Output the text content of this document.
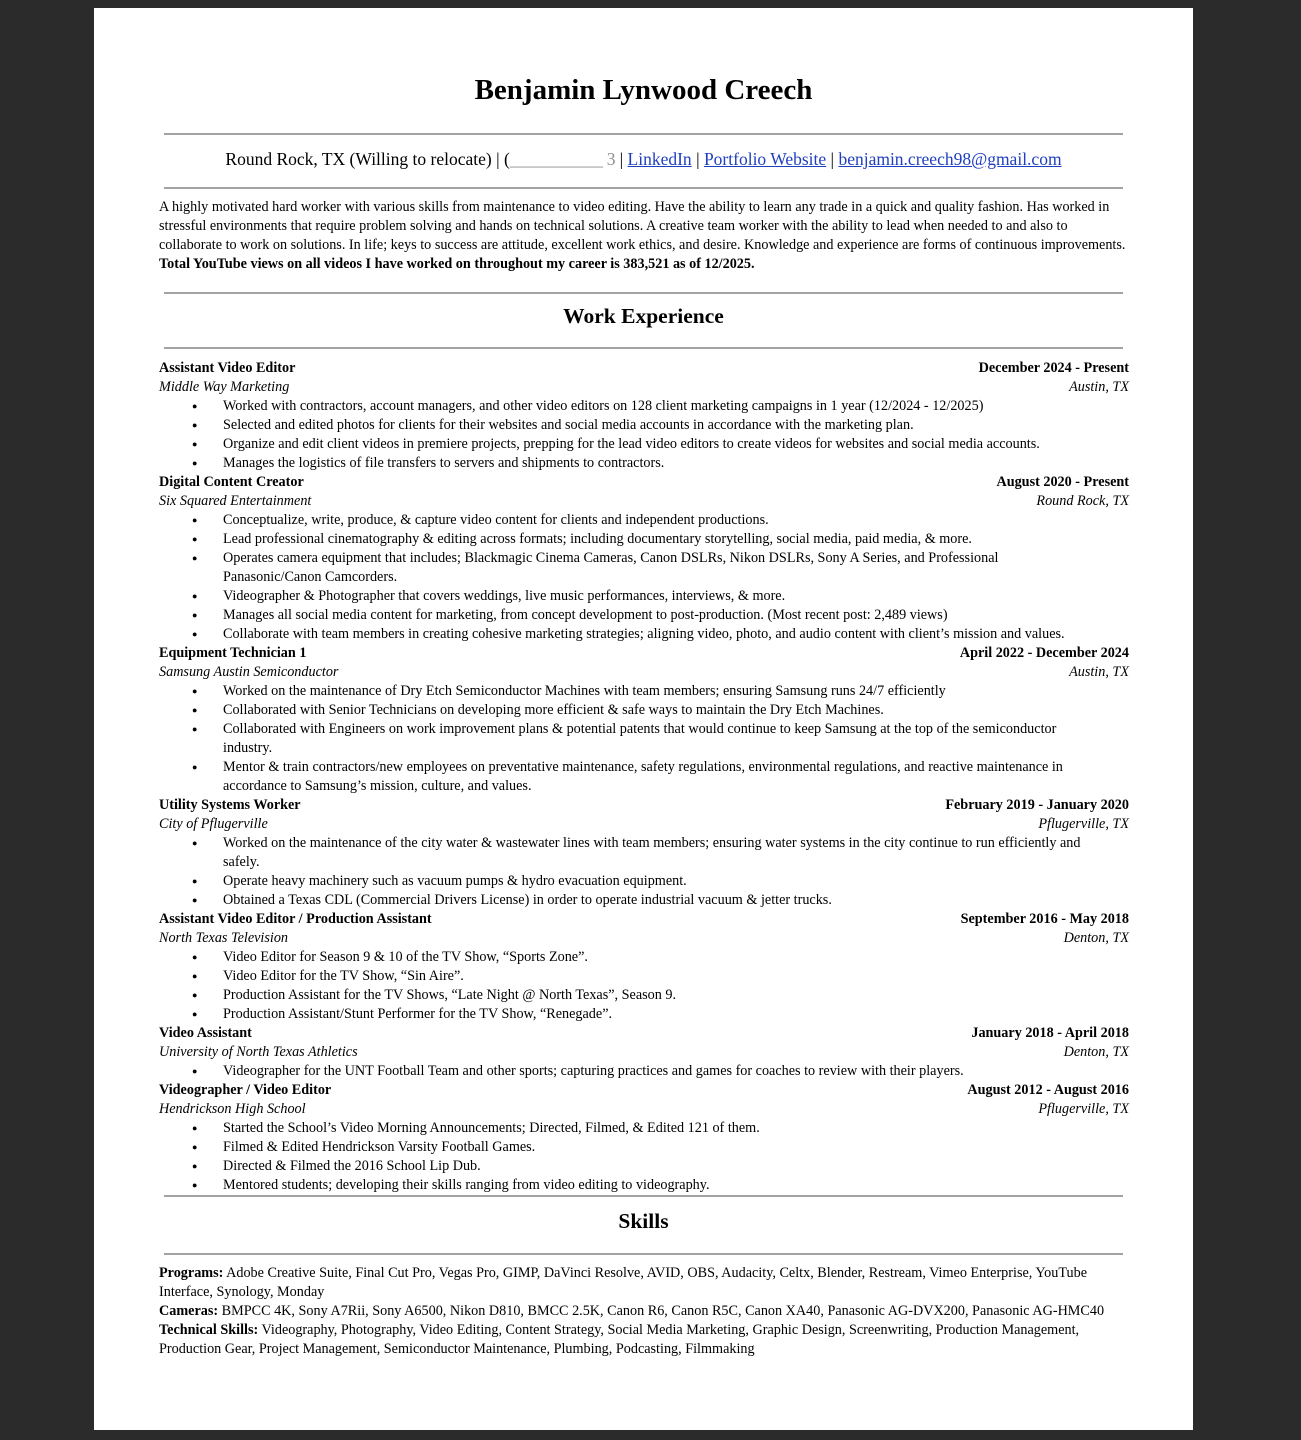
Benjamin Lynwood Creech
Round Rock, TX (Willing to relocate) | (___________ 3 | LinkedIn | Portfolio Website | benjamin.creech98@gmail.com
A highly motivated hard worker with various skills from maintenance to video editing. Have the ability to learn any trade in a quick and quality fashion. Has worked in stressful environments that require problem solving and hands on technical solutions. A creative team worker with the ability to lead when needed to and also to collaborate to work on solutions. In life; keys to success are attitude, excellent work ethics, and desire. Knowledge and experience are forms of continuous improvements. Total YouTube views on all videos I have worked on throughout my career is 383,521 as of 12/2025.
Work Experience
Assistant Video Editor	December 2024 - Present
Middle Way Marketing	Austin, TX
● Worked with contractors, account managers, and other video editors on 128 client marketing campaigns in 1 year (12/2024 - 12/2025)
● Selected and edited photos for clients for their websites and social media accounts in accordance with the marketing plan.
● Organize and edit client videos in premiere projects, prepping for the lead video editors to create videos for websites and social media accounts.
● Manages the logistics of file transfers to servers and shipments to contractors.
Digital Content Creator	August 2020 - Present
Six Squared Entertainment	Round Rock, TX
● Conceptualize, write, produce, & capture video content for clients and independent productions.
● Lead professional cinematography & editing across formats; including documentary storytelling, social media, paid media, & more.
● Operates camera equipment that includes; Blackmagic Cinema Cameras, Canon DSLRs, Nikon DSLRs, Sony A Series, and Professional Panasonic/Canon Camcorders.
● Videographer & Photographer that covers weddings, live music performances, interviews, & more.
● Manages all social media content for marketing, from concept development to post-production. (Most recent post: 2,489 views)
● Collaborate with team members in creating cohesive marketing strategies; aligning video, photo, and audio content with client’s mission and values.
Equipment Technician 1	April 2022 - December 2024
Samsung Austin Semiconductor	Austin, TX
● Worked on the maintenance of Dry Etch Semiconductor Machines with team members; ensuring Samsung runs 24/7 efficiently
● Collaborated with Senior Technicians on developing more efficient & safe ways to maintain the Dry Etch Machines.
● Collaborated with Engineers on work improvement plans & potential patents that would continue to keep Samsung at the top of the semiconductor industry.
● Mentor & train contractors/new employees on preventative maintenance, safety regulations, environmental regulations, and reactive maintenance in accordance to Samsung’s mission, culture, and values.
Utility Systems Worker	February 2019 - January 2020
City of Pflugerville	Pflugerville, TX
● Worked on the maintenance of the city water & wastewater lines with team members; ensuring water systems in the city continue to run efficiently and safely.
● Operate heavy machinery such as vacuum pumps & hydro evacuation equipment.
● Obtained a Texas CDL (Commercial Drivers License) in order to operate industrial vacuum & jetter trucks.
Assistant Video Editor / Production Assistant	September 2016 - May 2018
North Texas Television	Denton, TX
● Video Editor for Season 9 & 10 of the TV Show, “Sports Zone”.
● Video Editor for the TV Show, “Sin Aire”.
● Production Assistant for the TV Shows, “Late Night @ North Texas”, Season 9.
● Production Assistant/Stunt Performer for the TV Show, “Renegade”.
Video Assistant	January 2018 - April 2018
University of North Texas Athletics	Denton, TX
● Videographer for the UNT Football Team and other sports; capturing practices and games for coaches to review with their players.
Videographer / Video Editor	August 2012 - August 2016
Hendrickson High School	Pflugerville, TX
● Started the School’s Video Morning Announcements; Directed, Filmed, & Edited 121 of them.
● Filmed & Edited Hendrickson Varsity Football Games.
● Directed & Filmed the 2016 School Lip Dub.
● Mentored students; developing their skills ranging from video editing to videography.
Skills
Programs: Adobe Creative Suite, Final Cut Pro, Vegas Pro, GIMP, DaVinci Resolve, AVID, OBS, Audacity, Celtx, Blender, Restream, Vimeo Enterprise, YouTube Interface, Synology, Monday
Cameras: BMPCC 4K, Sony A7Rii, Sony A6500, Nikon D810, BMCC 2.5K, Canon R6, Canon R5C, Canon XA40, Panasonic AG-DVX200, Panasonic AG-HMC40
Technical Skills: Videography, Photography, Video Editing, Content Strategy, Social Media Marketing, Graphic Design, Screenwriting, Production Management, Production Gear, Project Management, Semiconductor Maintenance, Plumbing, Podcasting, Filmmaking
